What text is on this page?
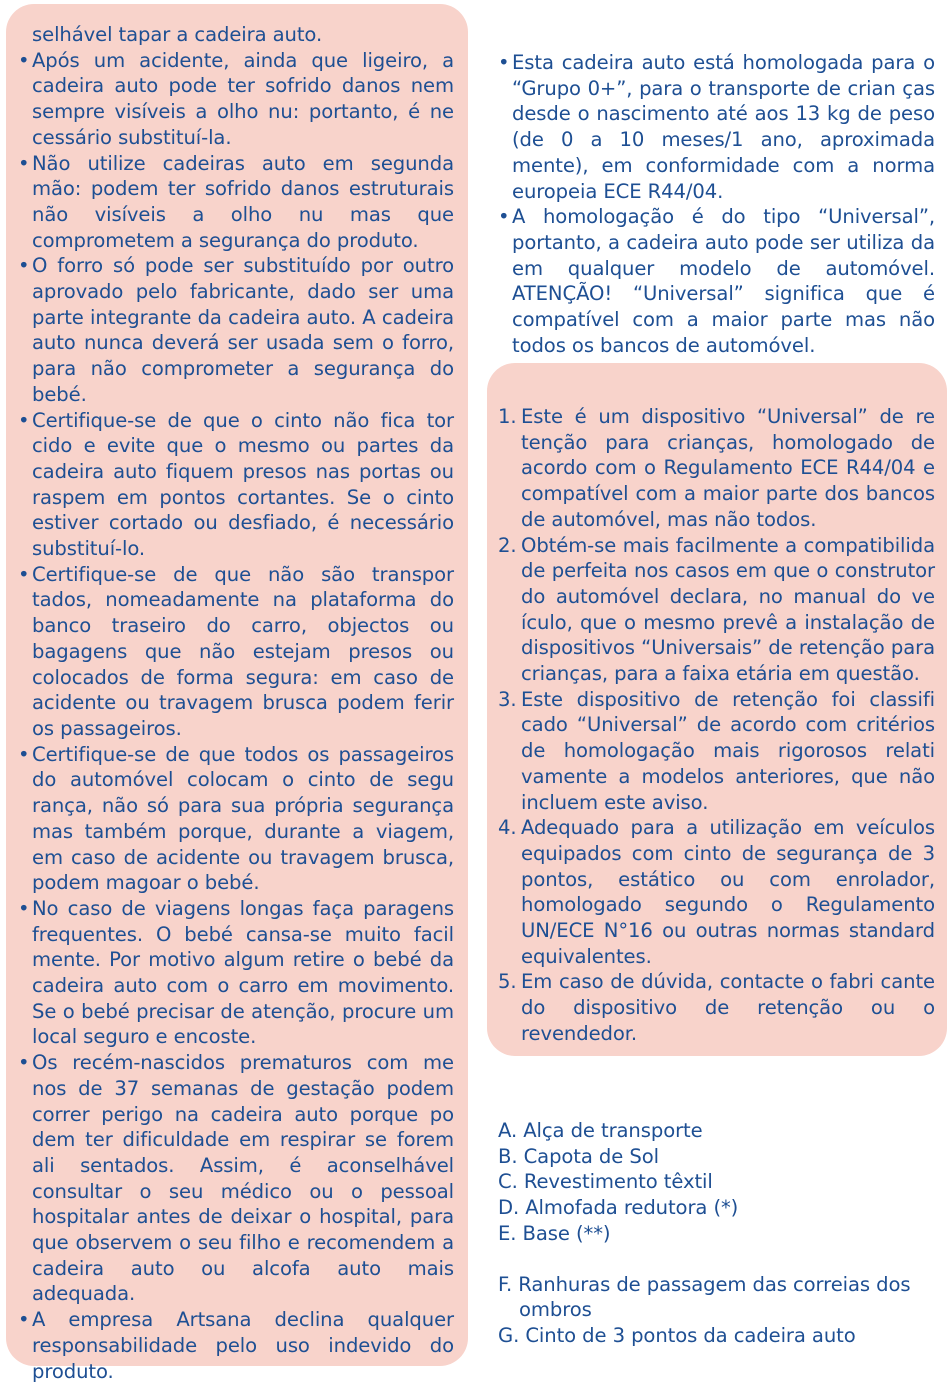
selhável tapar a cadeira auto.

• Após um acidente, ainda que ligeiro, a cadeira auto pode ter sofrido danos nem sempre visíveis a olho nu: portanto, é ne cessário substituí-la.

• Não utilize cadeiras auto em segunda mão: podem ter sofrido danos estruturais não visíveis a olho nu mas que comprometem a segurança do produto.

• O forro só pode ser substituído por outro aprovado pelo fabricante, dado ser uma parte integrante da cadeira auto. A cadeira auto nunca deverá ser usada sem o forro, para não comprometer a segurança do bebé.

• Certifique-se de que o cinto não fica tor cido e evite que o mesmo ou partes da cadeira auto fiquem presos nas portas ou raspem em pontos cortantes. Se o cinto estiver cortado ou desfiado, é necessário substituí-lo.

• Certifique-se de que não são transpor tados, nomeadamente na plataforma do banco traseiro do carro, objectos ou bagagens que não estejam presos ou colocados de forma segura: em caso de acidente ou travagem brusca podem ferir os passageiros.

• Certifique-se de que todos os passageiros do automóvel colocam o cinto de segu rança, não só para sua própria segurança mas também porque, durante a viagem, em caso de acidente ou travagem brusca, podem magoar o bebé.

• No caso de viagens longas faça paragens frequentes. O bebé cansa-se muito facil mente. Por motivo algum retire o bebé da cadeira auto com o carro em movimento. Se o bebé precisar de atenção, procure um local seguro e encoste.

• Os recém-nascidos prematuros com me nos de 37 semanas de gestação podem correr perigo na cadeira auto porque po dem ter dificuldade em respirar se forem ali sentados. Assim, é aconselhável consultar o seu médico ou o pessoal hospitalar antes de deixar o hospital, para que observem o seu filho e recomendem a cadeira auto ou alcofa auto mais adequada.

• A empresa Artsana declina qualquer responsabilidade pelo uso indevido do produto.

• Esta cadeira auto está homologada para o “Grupo 0+”, para o transporte de crian ças desde o nascimento até aos 13 kg de peso (de 0 a 10 meses/1 ano, aproximada mente), em conformidade com a norma europeia ECE R44/04.

• A homologação é do tipo “Universal”, portanto, a cadeira auto pode ser utiliza da em qualquer modelo de automóvel. ATENÇÃO! “Universal” significa que é compatível com a maior parte mas não todos os bancos de automóvel.

1. Este é um dispositivo “Universal” de re tenção para crianças, homologado de acordo com o Regulamento ECE R44/04 e compatível com a maior parte dos bancos de automóvel, mas não todos.

2. Obtém-se mais facilmente a compatibilida de perfeita nos casos em que o construtor do automóvel declara, no manual do ve ículo, que o mesmo prevê a instalação de dispositivos “Universais” de retenção para crianças, para a faixa etária em questão.

3. Este dispositivo de retenção foi classifi cado “Universal” de acordo com critérios de homologação mais rigorosos relati vamente a modelos anteriores, que não incluem este aviso.

4. Adequado para a utilização em veículos equipados com cinto de segurança de 3 pontos, estático ou com enrolador, homologado segundo o Regulamento UN/ECE N°16 ou outras normas standard equivalentes.

5. Em caso de dúvida, contacte o fabri cante do dispositivo de retenção ou o revendedor.

A. Alça de transporte

B. Capota de Sol

C. Revestimento têxtil

D. Almofada redutora (*)

E. Base (**)

F. Ranhuras de passagem das correias dos ombros

G. Cinto de 3 pontos da cadeira auto
